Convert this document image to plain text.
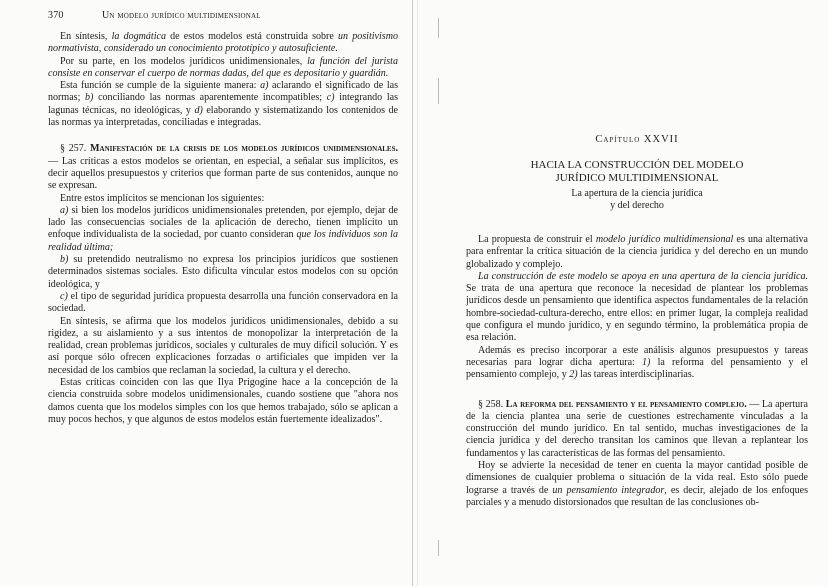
370	Un modelo jurídico multidimensional

En síntesis, la dogmática de estos modelos está construida sobre un positivismo normativista, considerado un conocimiento prototípico y autosuficiente.

Por su parte, en los modelos jurídicos unidimensionales, la función del jurista consiste en conservar el cuerpo de normas dadas, del que es depositario y guardián.

Esta función se cumple de la siguiente manera: a) aclarando el significado de las normas; b) conciliando las normas aparentemente incompatibles; c) integrando las lagunas técnicas, no ideológicas, y d) elaborando y sistematizando los contenidos de las normas ya interpretadas, conciliadas e integradas.

§ 257. Manifestación de la crisis de los modelos jurídicos unidimensionales. — Las críticas a estos modelos se orientan, en especial, a señalar sus implícitos, es decir aquellos presupuestos y criterios que forman parte de sus contenidos, aunque no se expresan.

Entre estos implícitos se mencionan los siguientes:

a) si bien los modelos jurídicos unidimensionales pretenden, por ejemplo, dejar de lado las consecuencias sociales de la aplicación de derecho, tienen implícito un enfoque individualista de la sociedad, por cuanto consideran que los individuos son la realidad última;

b) su pretendido neutralismo no expresa los principios jurídicos que sostienen determinados sistemas sociales. Esto dificulta vincular estos modelos con su opción ideológica, y

c) el tipo de seguridad jurídica propuesta desarrolla una función conservadora en la sociedad.

En síntesis, se afirma que los modelos jurídicos unidimensionales, debido a su rigidez, a su aislamiento y a sus intentos de monopolizar la interpretación de la realidad, crean problemas jurídicos, sociales y culturales de muy difícil solución. Y es así porque sólo ofrecen explicaciones forzadas o artificiales que impiden ver la necesidad de los cambios que reclaman la sociedad, la cultura y el derecho.

Estas críticas coinciden con las que Ilya Prigogine hace a la concepción de la ciencia construida sobre modelos unidimensionales, cuando sostiene que "ahora nos damos cuenta que los modelos simples con los que hemos trabajado, sólo se aplican a muy pocos hechos, y que algunos de estos modelos están fuertemente idealizados".

Capítulo XXVII
HACIA LA CONSTRUCCIÓN DEL MODELO
JURÍDICO MULTIDIMENSIONAL
La apertura de la ciencia jurídica
y del derecho

La propuesta de construir el modelo jurídico multidimensional es una alternativa para enfrentar la crítica situación de la ciencia jurídica y del derecho en un mundo globalizado y complejo.

La construcción de este modelo se apoya en una apertura de la ciencia jurídica. Se trata de una apertura que reconoce la necesidad de plantear los problemas jurídicos desde un pensamiento que identifica aspectos fundamentales de la relación hombre-sociedad-cultura-derecho, entre ellos: en primer lugar, la compleja realidad que configura el mundo jurídico, y en segundo término, la problemática propia de esa relación.

Además es preciso incorporar a este análisis algunos presupuestos y tareas necesarias para lograr dicha apertura: 1) la reforma del pensamiento y el pensamiento complejo, y 2) las tareas interdisciplinarias.

§ 258. La reforma del pensamiento y el pensamiento complejo. — La apertura de la ciencia plantea una serie de cuestiones estrechamente vinculadas a la construcción del mundo jurídico. En tal sentido, muchas investigaciones de la ciencia jurídica y del derecho transitan los caminos que llevan a replantear los fundamentos y las características de las formas del pensamiento.

Hoy se advierte la necesidad de tener en cuenta la mayor cantidad posible de dimensiones de cualquier problema o situación de la vida real. Esto sólo puede lograrse a través de un pensamiento integrador, es decir, alejado de los enfoques parciales y a menudo distorsionados que resultan de las conclusiones ob-
